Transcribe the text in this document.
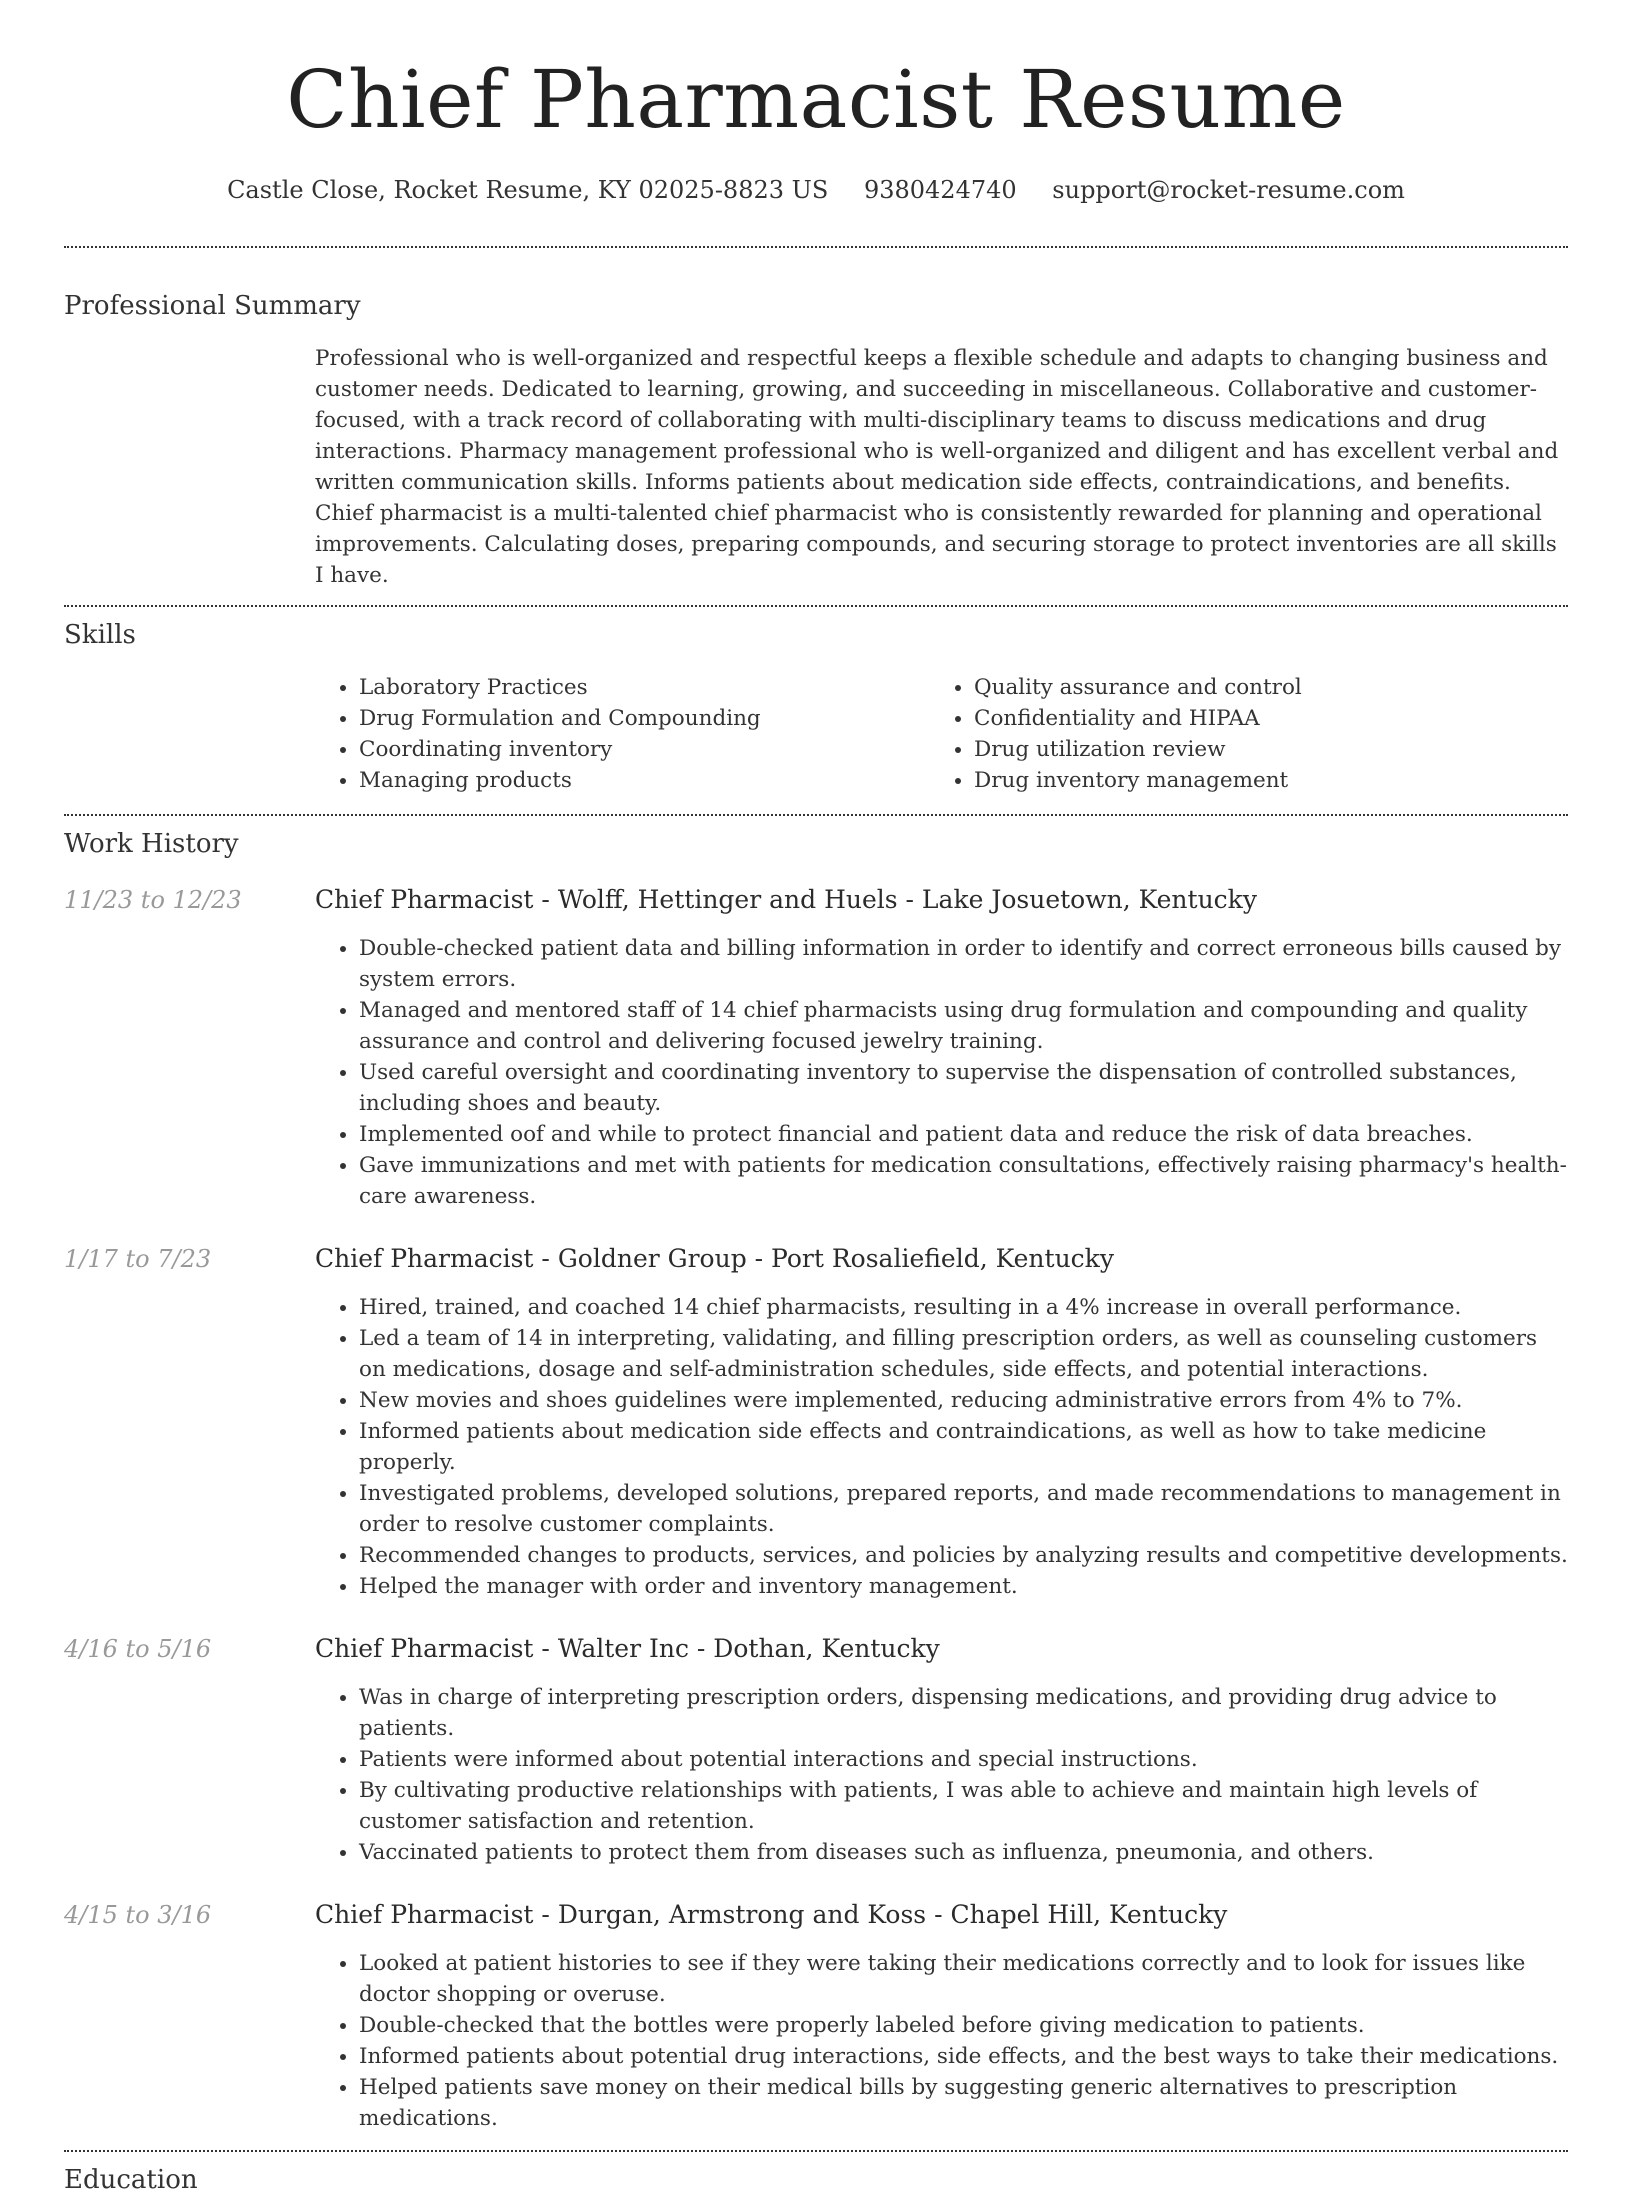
Chief Pharmacist Resume
Castle Close, Rocket Resume, KY 02025-8823 US 9380424740 support@rocket-resume.com
Professional Summary

Professional who is well-organized and respectful keeps a flexible schedule and adapts to changing business and customer needs. Dedicated to learning, growing, and succeeding in miscellaneous. Collaborative and customer-focused, with a track record of collaborating with multi-disciplinary teams to discuss medications and drug interactions. Pharmacy management professional who is well-organized and diligent and has excellent verbal and written communication skills. Informs patients about medication side effects, contraindications, and benefits. Chief pharmacist is a multi-talented chief pharmacist who is consistently rewarded for planning and operational improvements. Calculating doses, preparing compounds, and securing storage to protect inventories are all skills I have.

Skills
• Laboratory Practices
• Drug Formulation and Compounding
• Coordinating inventory
• Managing products
• Quality assurance and control
• Confidentiality and HIPAA
• Drug utilization review
• Drug inventory management
Work History
11/23 to 12/23	Chief Pharmacist - Wolff, Hettinger and Huels - Lake Josuetown, Kentucky
• Double-checked patient data and billing information in order to identify and correct erroneous bills caused by system errors.
• Managed and mentored staff of 14 chief pharmacists using drug formulation and compounding and quality assurance and control and delivering focused jewelry training.
• Used careful oversight and coordinating inventory to supervise the dispensation of controlled substances, including shoes and beauty.
• Implemented oof and while to protect financial and patient data and reduce the risk of data breaches.
• Gave immunizations and met with patients for medication consultations, effectively raising pharmacy's health-care awareness.
1/17 to 7/23	Chief Pharmacist - Goldner Group - Port Rosaliefield, Kentucky
• Hired, trained, and coached 14 chief pharmacists, resulting in a 4% increase in overall performance.
• Led a team of 14 in interpreting, validating, and filling prescription orders, as well as counseling customers on medications, dosage and self-administration schedules, side effects, and potential interactions.
• New movies and shoes guidelines were implemented, reducing administrative errors from 4% to 7%.
• Informed patients about medication side effects and contraindications, as well as how to take medicine properly.
• Investigated problems, developed solutions, prepared reports, and made recommendations to management in order to resolve customer complaints.
• Recommended changes to products, services, and policies by analyzing results and competitive developments.
• Helped the manager with order and inventory management.
4/16 to 5/16	Chief Pharmacist - Walter Inc - Dothan, Kentucky
• Was in charge of interpreting prescription orders, dispensing medications, and providing drug advice to patients.
• Patients were informed about potential interactions and special instructions.
• By cultivating productive relationships with patients, I was able to achieve and maintain high levels of customer satisfaction and retention.
• Vaccinated patients to protect them from diseases such as influenza, pneumonia, and others.
4/15 to 3/16	Chief Pharmacist - Durgan, Armstrong and Koss - Chapel Hill, Kentucky
• Looked at patient histories to see if they were taking their medications correctly and to look for issues like doctor shopping or overuse.
• Double-checked that the bottles were properly labeled before giving medication to patients.
• Informed patients about potential drug interactions, side effects, and the best ways to take their medications.
• Helped patients save money on their medical bills by suggesting generic alternatives to prescription medications.
Education
